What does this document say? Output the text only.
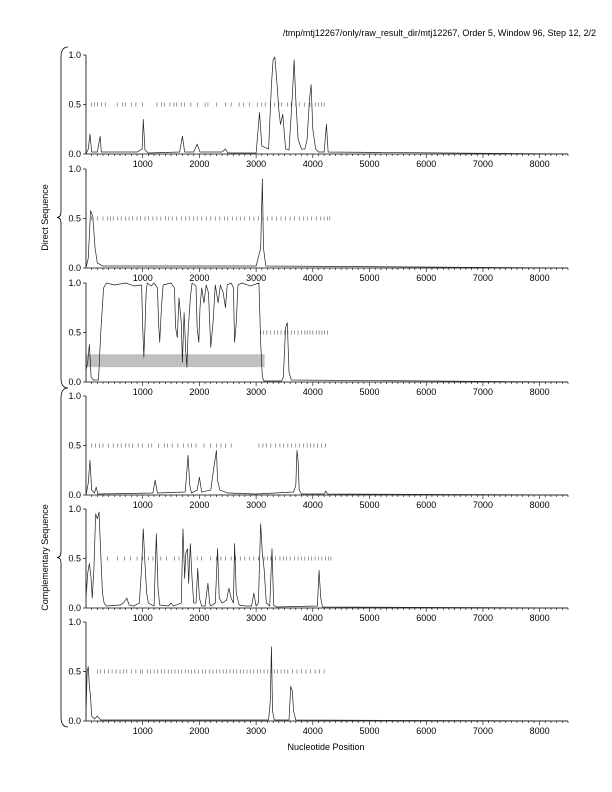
/tmp/mtj12267/only/raw_result_dir/mtj12267, Order 5, Window 96, Step 12, 2/2
0.0
0.5
1.0
1000	2000	3000	4000	5000	6000	7000	8000
0.0
0.5
1.0
1000	2000	3000	4000	5000	6000	7000	8000
0.0
0.5
1.0
1000	2000	3000	4000	5000	6000	7000	8000
0.0
0.5
1.0
1000	2000	3000	4000	5000	6000	7000	8000
0.0
0.5
1.0
1000	2000	3000	4000	5000	6000	7000	8000
0.0
0.5
1.0
1000	2000	3000	4000	5000	6000	7000	8000
Direct Sequence
Complementary Sequence
Nucleotide Position
